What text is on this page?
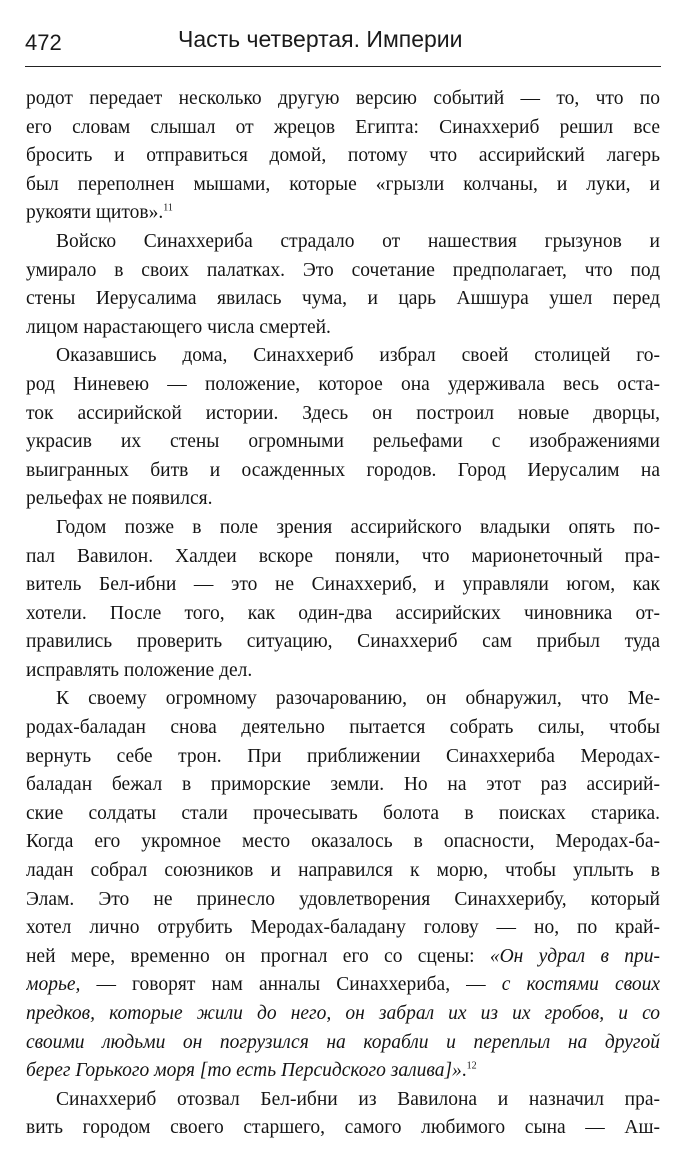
472	Часть четвертая. Империи
родот передает несколько другую версию событий — то, что по
его словам слышал от жрецов Египта: Синаххериб решил все
бросить и отправиться домой, потому что ассирийский лагерь
был переполнен мышами, которые «грызли колчаны, и луки, и
рукояти щитов».$^{11}$
Войско Синаххериба страдало от нашествия грызунов и
умирало в своих палатках. Это сочетание предполагает, что под
стены Иерусалима явилась чума, и царь Ашшура ушел перед
лицом нарастающего числа смертей.
Оказавшись дома, Синаххериб избрал своей столицей го-
род Ниневею — положение, которое она удерживала весь оста-
ток ассирийской истории. Здесь он построил новые дворцы,
украсив их стены огромными рельефами с изображениями
выигранных битв и осажденных городов. Город Иерусалим на
рельефах не появился.
Годом позже в поле зрения ассирийского владыки опять по-
пал Вавилон. Халдеи вскоре поняли, что марионеточный пра-
витель Бел-ибни — это не Синаххериб, и управляли югом, как
хотели. После того, как один-два ассирийских чиновника от-
правились проверить ситуацию, Синаххериб сам прибыл туда
исправлять положение дел.
К своему огромному разочарованию, он обнаружил, что Ме-
родах-баладан снова деятельно пытается собрать силы, чтобы
вернуть себе трон. При приближении Синаххериба Меродах-
баладан бежал в приморские земли. Но на этот раз ассирий-
ские солдаты стали прочесывать болота в поисках старика.
Когда его укромное место оказалось в опасности, Меродах-ба-
ладан собрал союзников и направился к морю, чтобы уплыть в
Элам. Это не принесло удовлетворения Синаххерибу, который
хотел лично отрубить Меродах-баладану голову — но, по край-
ней мере, временно он прогнал его со сцены: «Он удрал в при-
морье, — говорят нам анналы Синаххериба, — с костями своих
предков, которые жили до него, он забрал их из их гробов, и со
своими людьми он погрузился на корабли и переплыл на другой
берег Горького моря [то есть Персидского залива]».$^{12}$
Синаххериб отозвал Бел-ибни из Вавилона и назначил пра-
вить городом своего старшего, самого любимого сына — Аш-
